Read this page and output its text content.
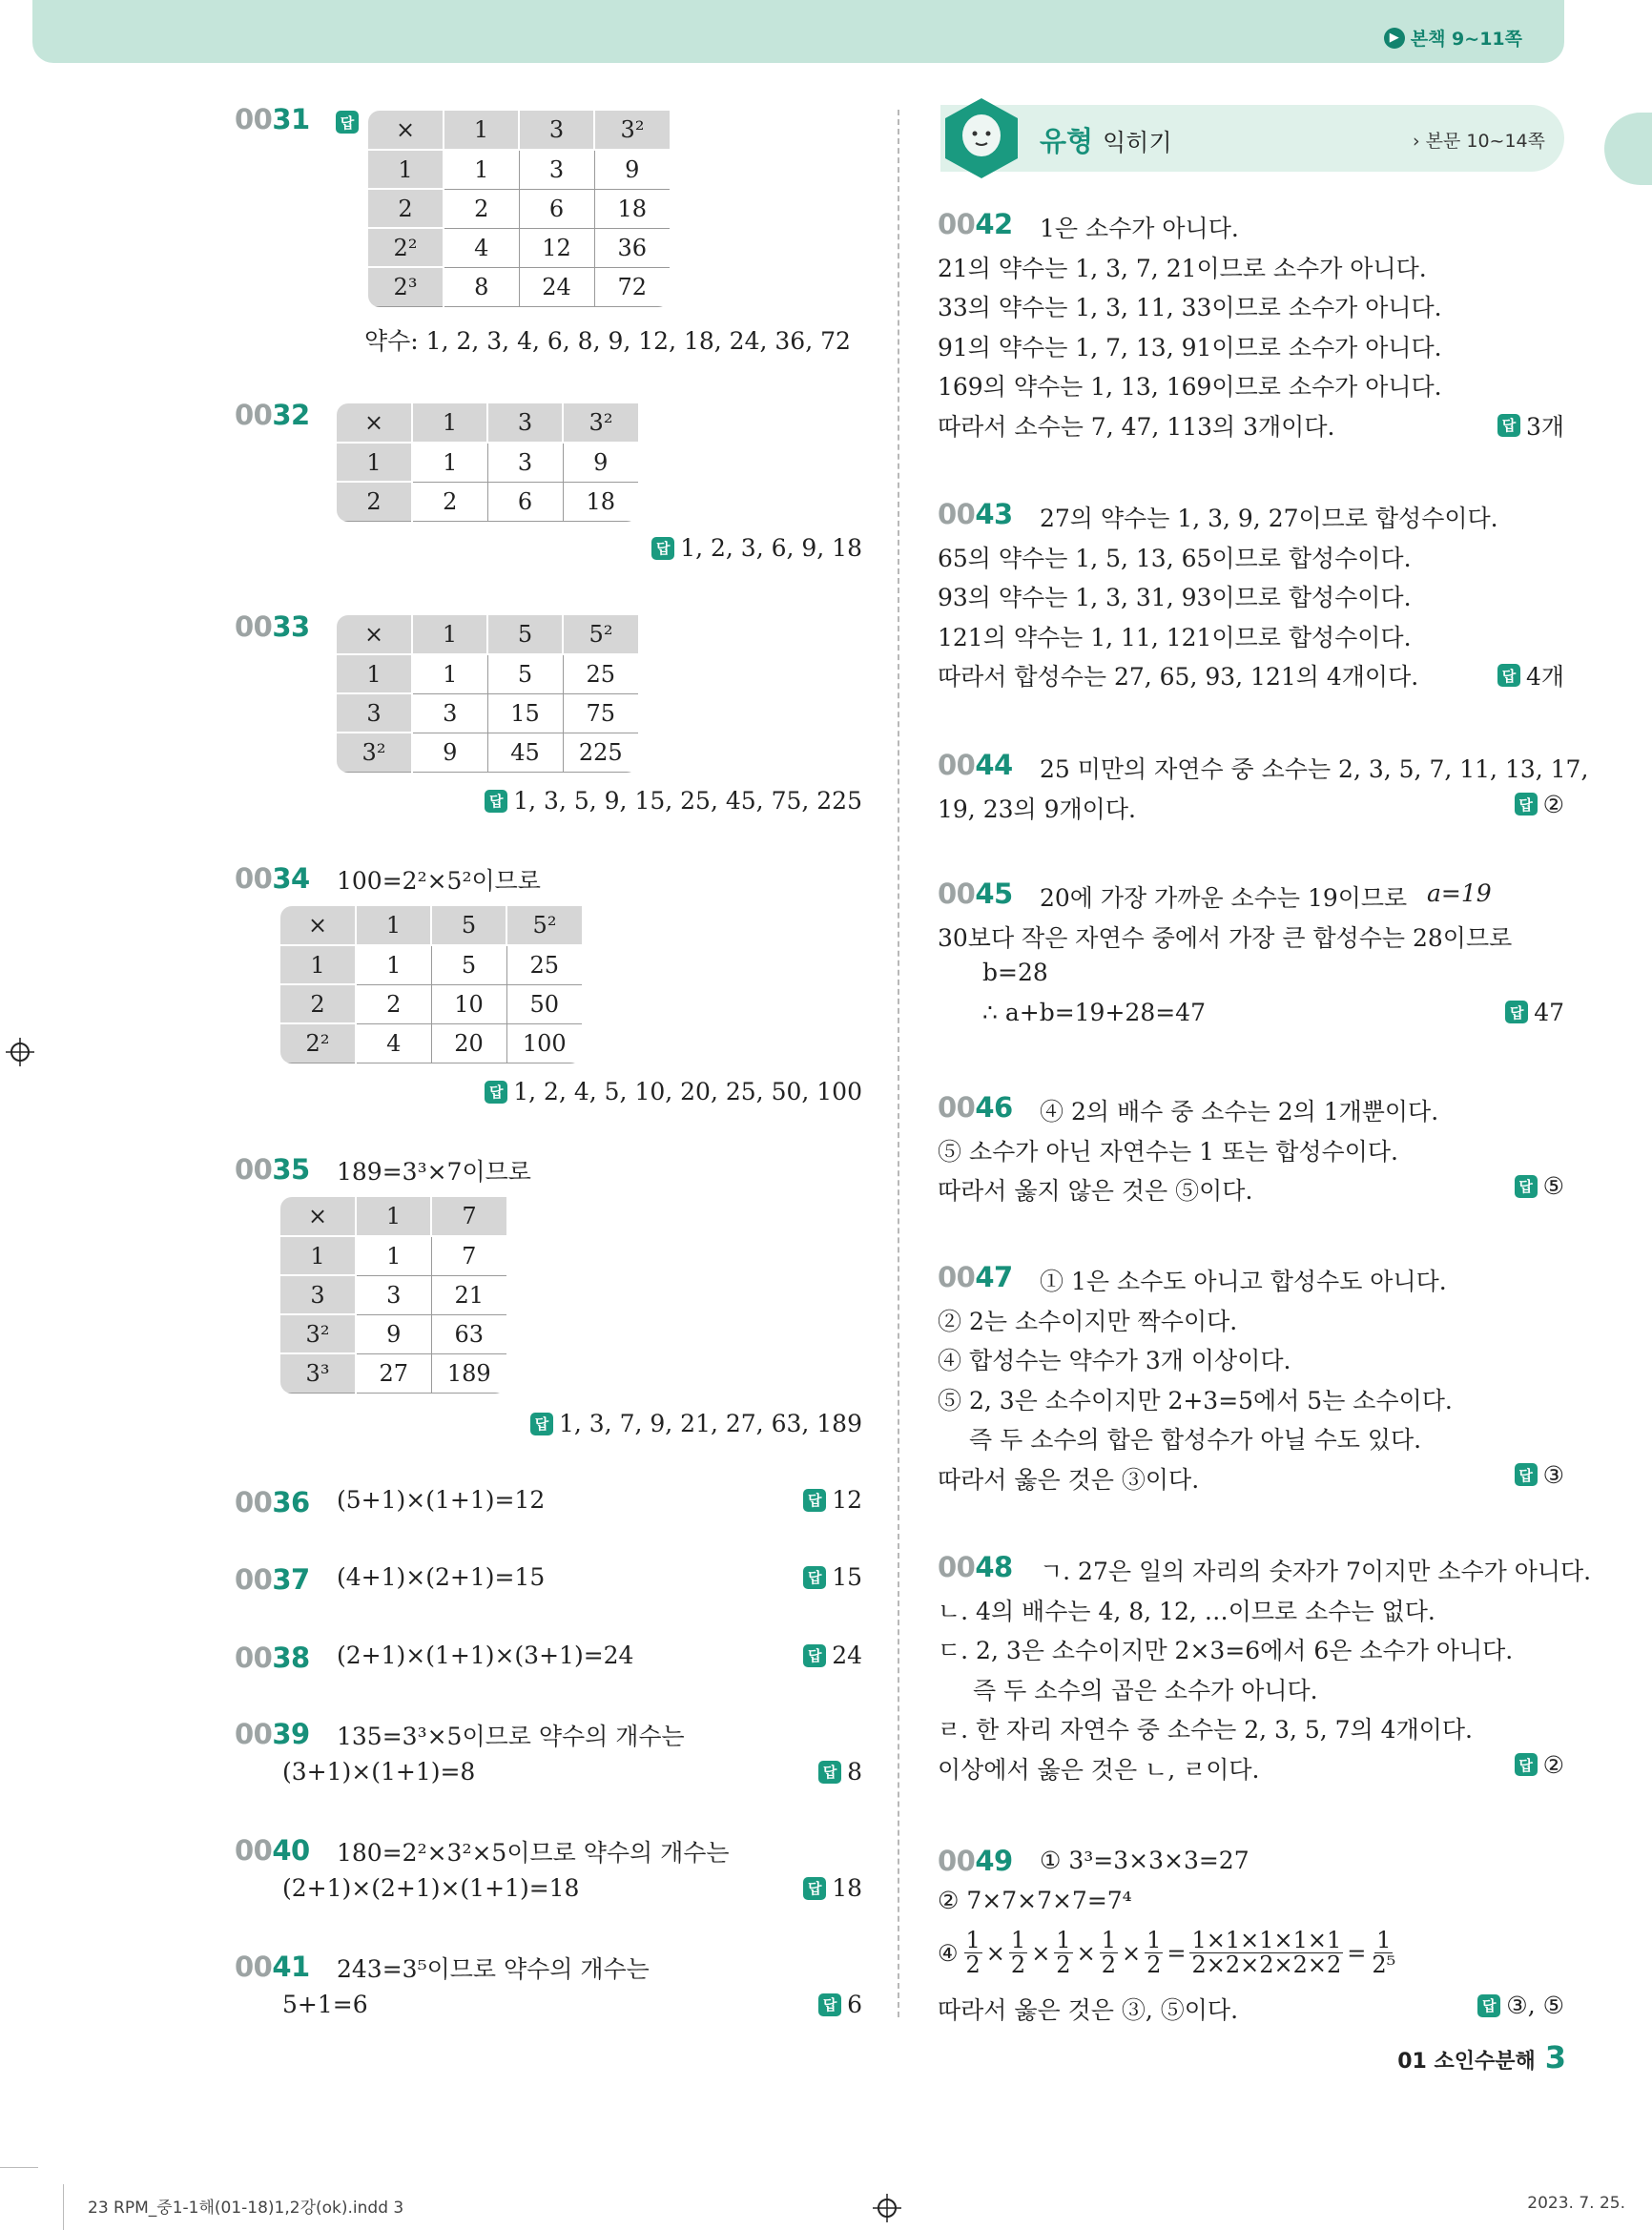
▶ 본책 9~11쪽
0031	답 ×	1	3	3²
1	1	3	9
2	2	6	18
2²	4	12	36
2³	8	24	72
약수: 1, 2, 3, 4, 6, 8, 9, 12, 18, 24, 36, 72
0032 ×	1	3	3²
1	1	3	9
2	2	6	18
답 1, 2, 3, 6, 9, 18
0033 ×	1	5	5²
1	1	5	25
3	3	15	75
3²	9	45	225
답 1, 3, 5, 9, 15, 25, 45, 75, 225
0034 100=2²×5²이므로
×	1	5	5²
1	1	5	25
2	2	10	50
2²	4	20	100
답 1, 2, 4, 5, 10, 20, 25, 50, 100
0035 189=3³×7이므로
×	1	7
1	1	7
3	3	21
3²	9	63
3³	27	189
답 1, 3, 7, 9, 21, 27, 63, 189
0036 (5+1)×(1+1)=12	답 12
0037 (4+1)×(2+1)=15	답 15
0038 (2+1)×(1+1)×(3+1)=24	답 24
0039 135=3³×5이므로 약수의 개수는
(3+1)×(1+1)=8	답 8
0040 180=2²×3²×5이므로 약수의 개수는
(2+1)×(2+1)×(1+1)=18	답 18
0041 243=3⁵이므로 약수의 개수는
5+1=6	답 6
유형 익히기	› 본문 10~14쪽
0042 1은 소수가 아니다.
21의 약수는 1, 3, 7, 21이므로 소수가 아니다.
33의 약수는 1, 3, 11, 33이므로 소수가 아니다.
91의 약수는 1, 7, 13, 91이므로 소수가 아니다.
169의 약수는 1, 13, 169이므로 소수가 아니다.
따라서 소수는 7, 47, 113의 3개이다.	답 3개
0043 27의 약수는 1, 3, 9, 27이므로 합성수이다.
65의 약수는 1, 5, 13, 65이므로 합성수이다.
93의 약수는 1, 3, 31, 93이므로 합성수이다.
121의 약수는 1, 11, 121이므로 합성수이다.
따라서 합성수는 27, 65, 93, 121의 4개이다.	답 4개
0044 25 미만의 자연수 중 소수는 2, 3, 5, 7, 11, 13, 17,
19, 23의 9개이다.	답 ②
0045 20에 가장 가까운 소수는 19이므로
30보다 작은 자연수 중에서 가장 큰 합성수는 28이므로
b=28
∴ a+b=19+28=47
a=19
답 47
0046 ④ 2의 배수 중 소수는 2의 1개뿐이다.
⑤ 소수가 아닌 자연수는 1 또는 합성수이다.
따라서 옳지 않은 것은 ⑤이다.	답 ⑤
0047 ① 1은 소수도 아니고 합성수도 아니다.
② 2는 소수이지만 짝수이다.
④ 합성수는 약수가 3개 이상이다.
⑤ 2, 3은 소수이지만 2+3=5에서 5는 소수이다.
즉 두 소수의 합은 합성수가 아닐 수도 있다.
따라서 옳은 것은 ③이다.	답 ③
0048 ㄱ. 27은 일의 자리의 숫자가 7이지만 소수가 아니다.
ㄴ. 4의 배수는 4, 8, 12, …이므로 소수는 없다.
ㄷ. 2, 3은 소수이지만 2×3=6에서 6은 소수가 아니다.
즉 두 소수의 곱은 소수가 아니다.
ㄹ. 한 자리 자연수 중 소수는 2, 3, 5, 7의 4개이다.
이상에서 옳은 것은 ㄴ, ㄹ이다.	답 ②
0049 ① 3³=3×3×3=27
② 7×7×7×7=7⁴
④ $\frac{1}{2} \times \frac{1}{2} \times \frac{1}{2} \times \frac{1}{2} \times \frac{1}{2} = \frac{1\times 1\times 1\times 1\times 1}{2\times 2\times 2\times 2\times 2} = \frac{1}{\text{2⁵}}$
따라서 옳은 것은 ③, ⑤이다.	답 ③, ⑤
01 소인수분해 3
23 RPM_중1-1해(01-18)1,2강(ok).indd 3	2023. 7. 25.
